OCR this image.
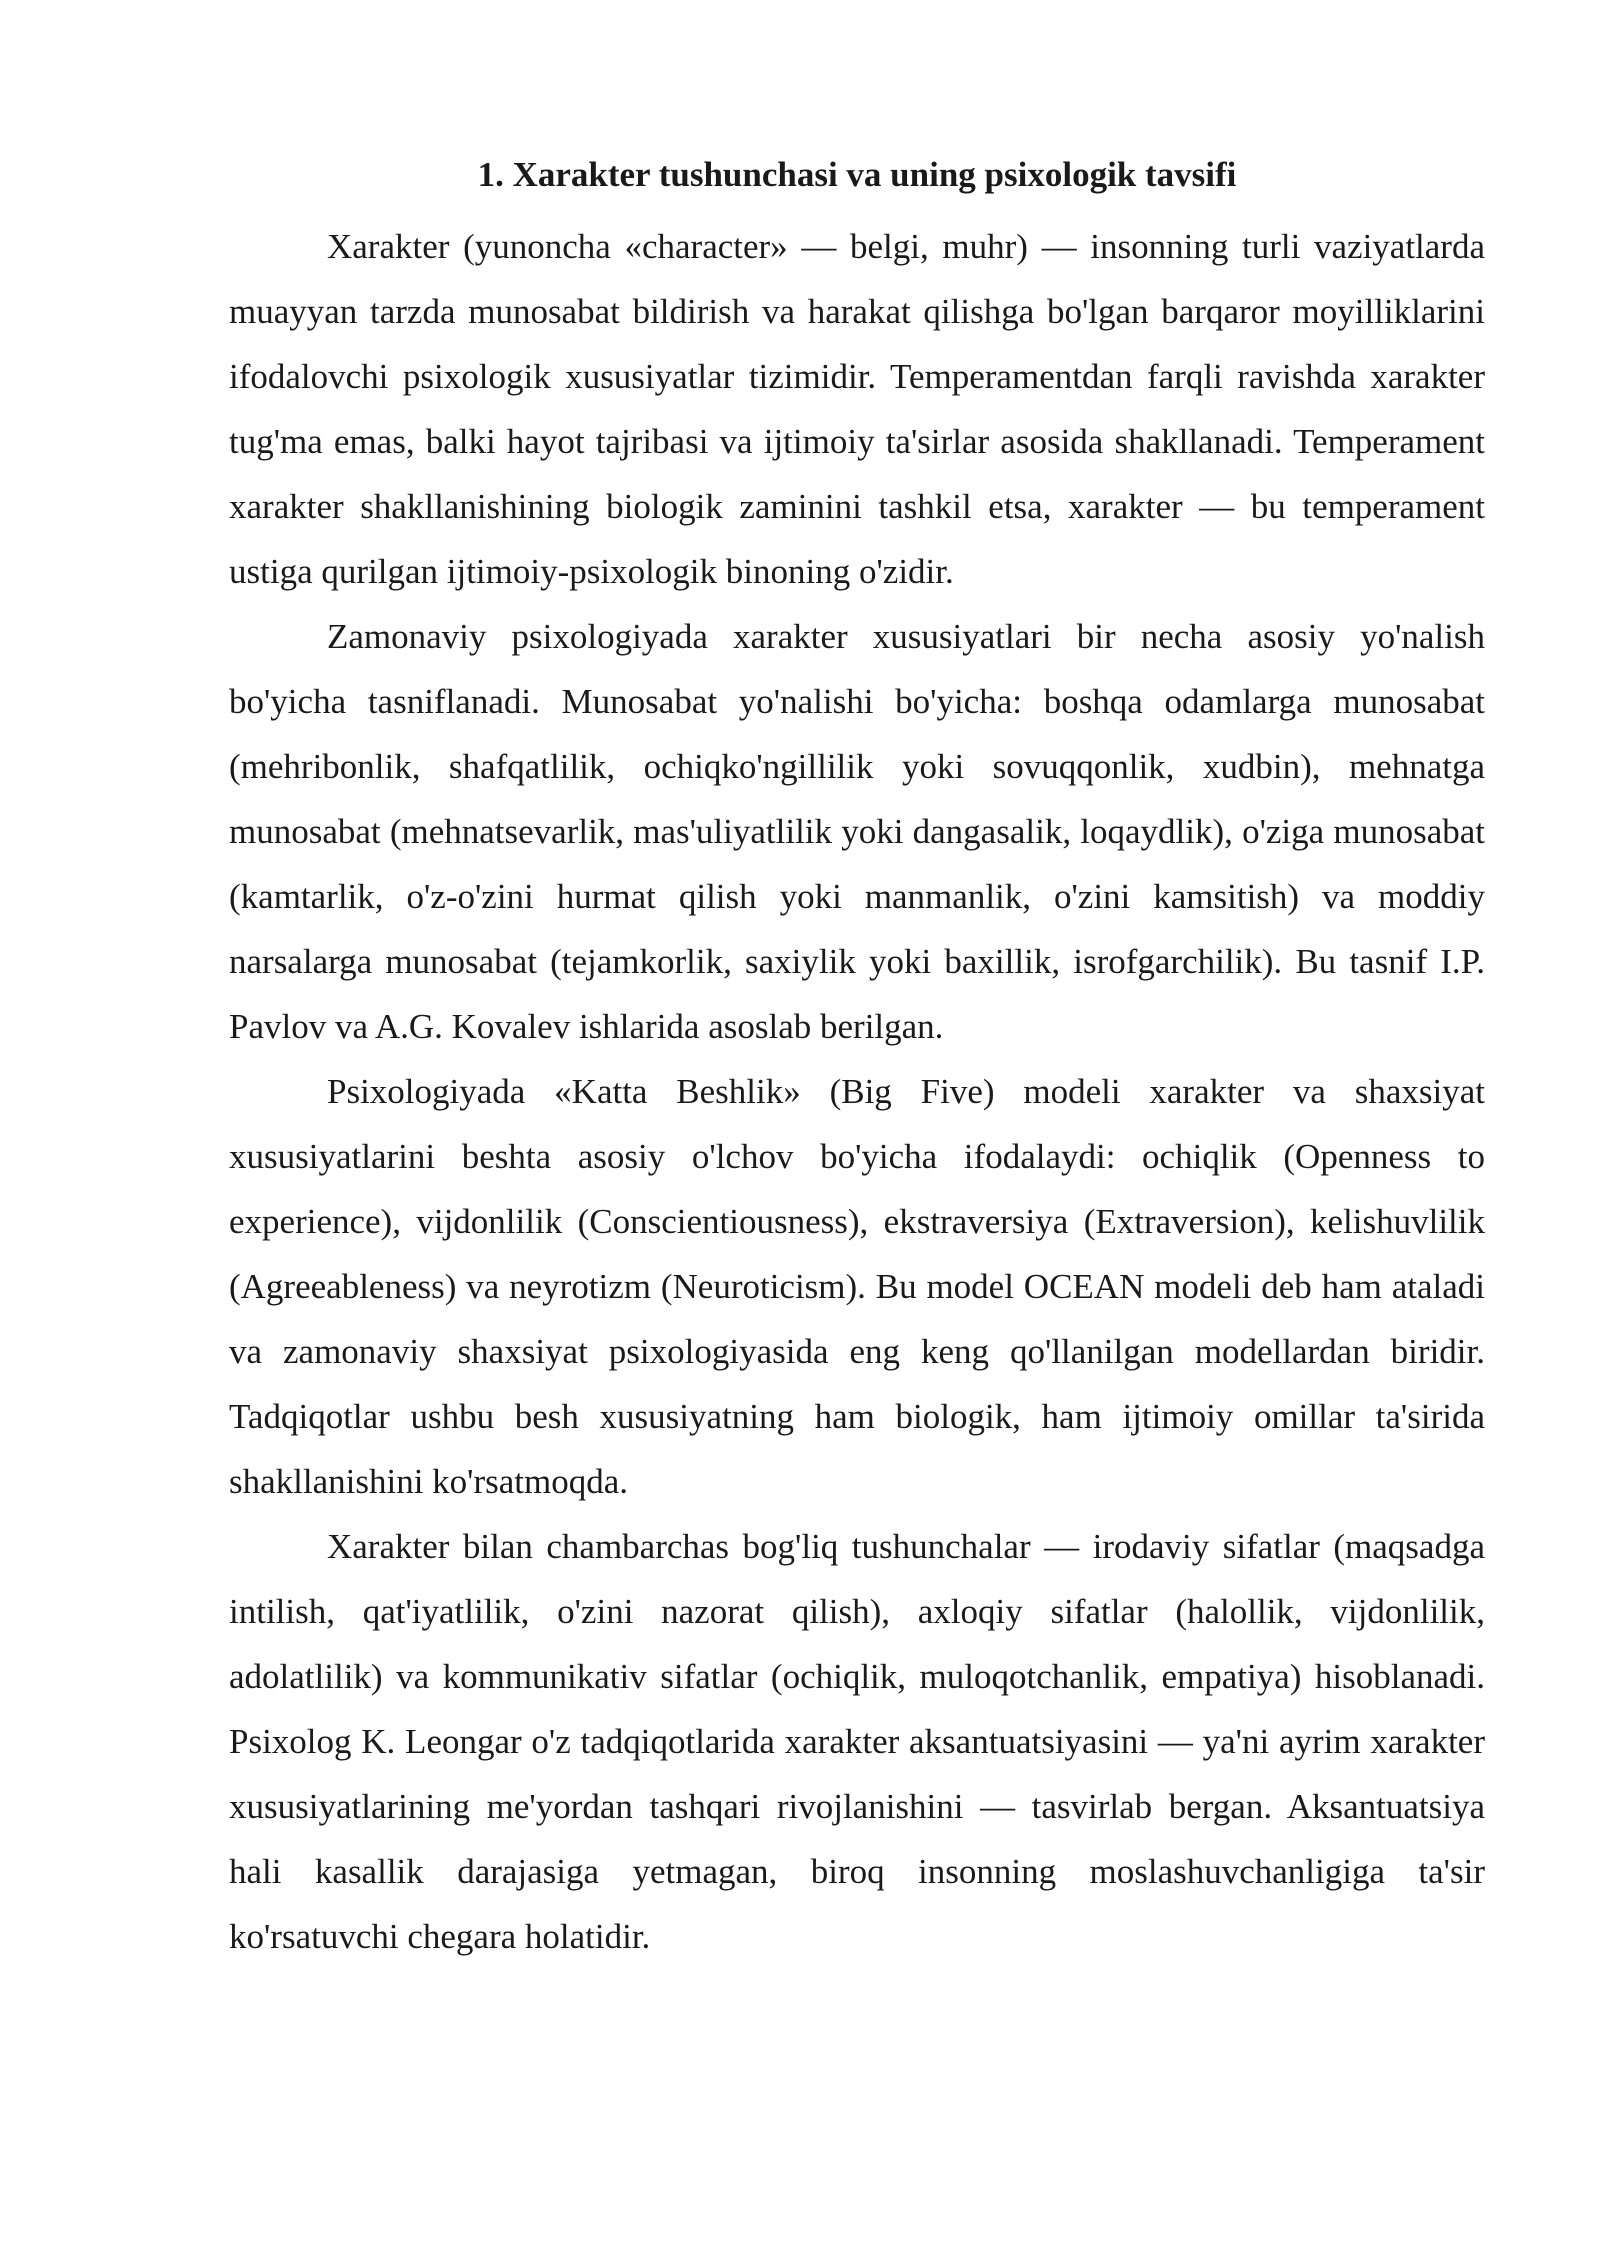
1. Xarakter tushunchasi va uning psixologik tavsifi

Xarakter (yunoncha «character» — belgi, muhr) — insonning turli vaziyatlarda muayyan tarzda munosabat bildirish va harakat qilishga bo'lgan barqaror moyilliklarini ifodalovchi psixologik xususiyatlar tizimidir. Temperamentdan farqli ravishda xarakter tug'ma emas, balki hayot tajribasi va ijtimoiy ta'sirlar asosida shakllanadi. Temperament xarakter shakllanishining biologik zaminini tashkil etsa, xarakter — bu temperament ustiga qurilgan ijtimoiy-psixologik binoning o'zidir.

Zamonaviy psixologiyada xarakter xususiyatlari bir necha asosiy yo'nalish bo'yicha tasniflanadi. Munosabat yo'nalishi bo'yicha: boshqa odamlarga munosabat (mehribonlik, shafqatlilik, ochiqko'ngillilik yoki sovuqqonlik, xudbin), mehnatga munosabat (mehnatsevarlik, mas'uliyatlilik yoki dangasalik, loqaydlik), o'ziga munosabat (kamtarlik, o'z-o'zini hurmat qilish yoki manmanlik, o'zini kamsitish) va moddiy narsalarga munosabat (tejamkorlik, saxiylik yoki baxillik, isrofgarchilik). Bu tasnif I.P. Pavlov va A.G. Kovalev ishlarida asoslab berilgan.

Psixologiyada «Katta Beshlik» (Big Five) modeli xarakter va shaxsiyat xususiyatlarini beshta asosiy o'lchov bo'yicha ifodalaydi: ochiqlik (Openness to experience), vijdonlilik (Conscientiousness), ekstraversiya (Extraversion), kelishuvlilik (Agreeableness) va neyrotizm (Neuroticism). Bu model OCEAN modeli deb ham ataladi va zamonaviy shaxsiyat psixologiyasida eng keng qo'llanilgan modellardan biridir. Tadqiqotlar ushbu besh xususiyatning ham biologik, ham ijtimoiy omillar ta'sirida shakllanishini ko'rsatmoqda.

Xarakter bilan chambarchas bog'liq tushunchalar — irodaviy sifatlar (maqsadga intilish, qat'iyatlilik, o'zini nazorat qilish), axloqiy sifatlar (halollik, vijdonlilik, adolatlilik) va kommunikativ sifatlar (ochiqlik, muloqotchanlik, empatiya) hisoblanadi. Psixolog K. Leongar o'z tadqiqotlarida xarakter aksantuatsiyasini — ya'ni ayrim xarakter xususiyatlarining me'yordan tashqari rivojlanishini — tasvirlab bergan. Aksantuatsiya hali kasallik darajasiga yetmagan, biroq insonning moslashuvchanligiga ta'sir ko'rsatuvchi chegara holatidir.
